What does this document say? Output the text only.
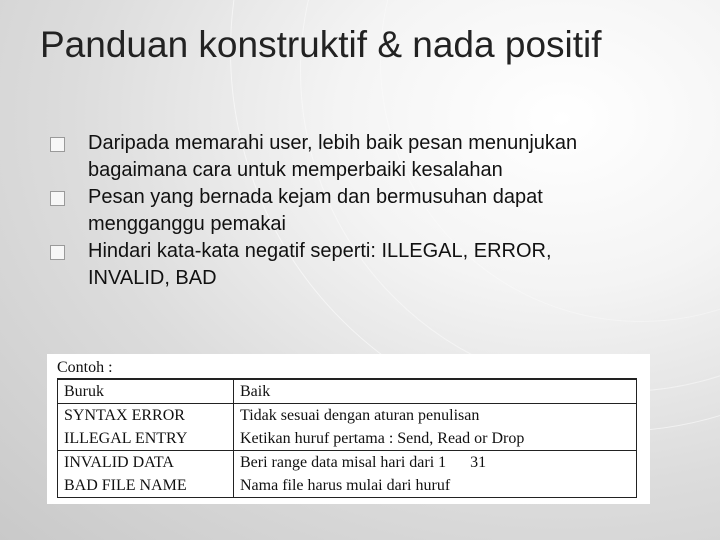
Panduan konstruktif & nada positif
Daripada memarahi user, lebih baik pesan menunjukan bagaimana cara untuk memperbaiki kesalahan
Pesan yang bernada kejam dan bermusuhan dapat mengganggu pemakai
Hindari kata-kata negatif seperti: ILLEGAL, ERROR, INVALID, BAD
Contoh :
Buruk	Baik
SYNTAX ERROR	Tidak sesuai dengan aturan penulisan
ILLEGAL ENTRY	Ketikan huruf pertama : Send, Read or Drop
INVALID DATA	Beri range data misal hari dari 1      31
BAD FILE NAME	Nama file harus mulai dari huruf
